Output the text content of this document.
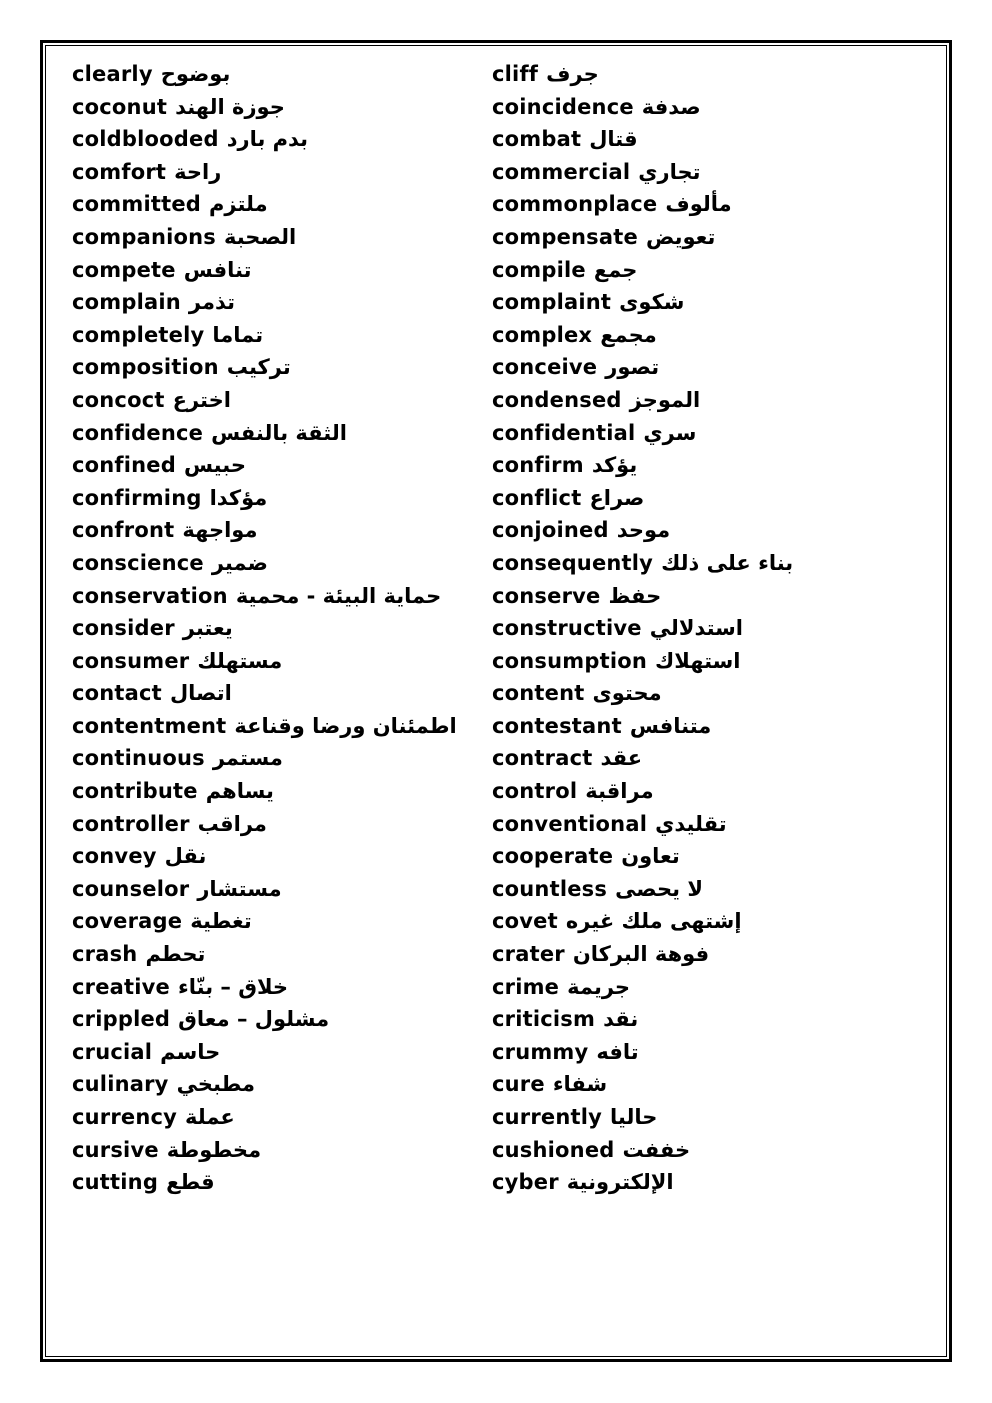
clearly بوضوح
coconut جوزة الهند
coldblooded بدم بارد
comfort راحة
committed ملتزم
companions الصحبة
compete تنافس
complain تذمر
completely تماما
composition تركيب
concoct اخترع
confidence الثقة بالنفس
confined حبيس
confirming مؤكدا
confront مواجهة
conscience ضمير
conservation حماية البيئة - محمية
consider يعتبر
consumer مستهلك
contact اتصال
contentment اطمئنان ورضا وقناعة
continuous مستمر
contribute يساهم
controller مراقب
convey نقل
counselor مستشار
coverage تغطية
crash تحطم
creative خلاق – بنّاء
crippled مشلول – معاق
crucial حاسم
culinary مطبخي
currency عملة
cursive مخطوطة
cutting قطع
cliff جرف
coincidence صدفة
combat قتال
commercial تجاري
commonplace مألوف
compensate تعويض
compile جمع
complaint شكوى
complex مجمع
conceive تصور
condensed الموجز
confidential سري
confirm يؤكد
conflict صراع
conjoined موحد
consequently بناء على ذلك
conserve حفظ
constructive استدلالي
consumption استهلاك
content محتوى
contestant متنافس
contract عقد
control مراقبة
conventional تقليدي
cooperate تعاون
countless لا يحصى
covet إشتهى ملك غيره
crater فوهة البركان
crime جريمة
criticism نقد
crummy تافه
cure شفاء
currently حاليا
cushioned خففت
cyber الإلكترونية
